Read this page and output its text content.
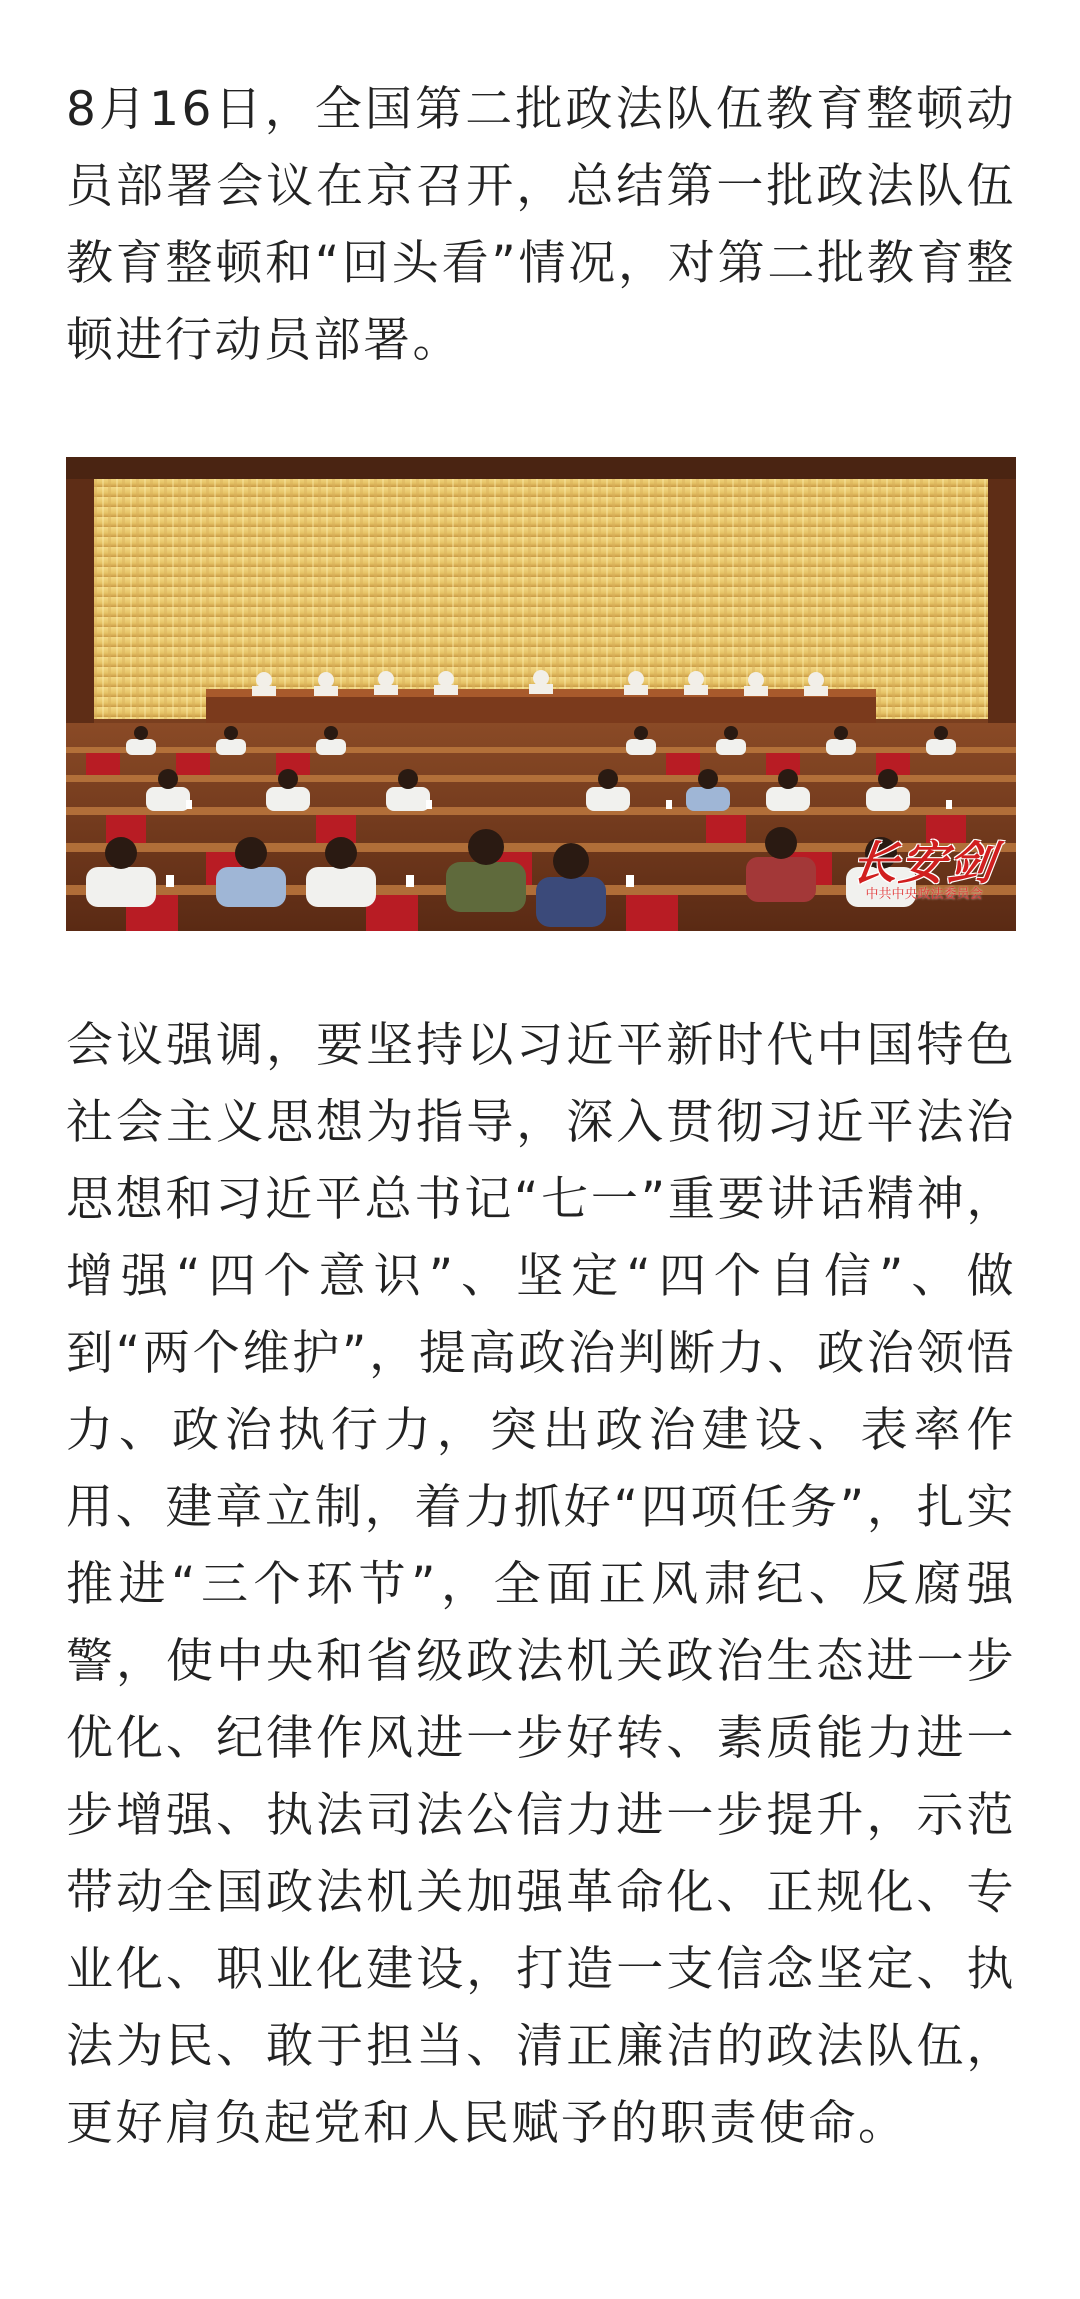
8月16日，全国第二批政法队伍教育整顿动员部署会议在京召开，总结第一批政法队伍教育整顿和“回头看”情况，对第二批教育整顿进行动员部署。

会议强调，要坚持以习近平新时代中国特色社会主义思想为指导，深入贯彻习近平法治思想和习近平总书记“七一”重要讲话精神，增强“四个意识”、坚定“四个自信”、做到“两个维护”，提高政治判断力、政治领悟力、政治执行力，突出政治建设、表率作用、建章立制，着力抓好“四项任务”，扎实推进“三个环节”，全面正风肃纪、反腐强警，使中央和省级政法机关政治生态进一步优化、纪律作风进一步好转、素质能力进一步增强、执法司法公信力进一步提升，示范带动全国政法机关加强革命化、正规化、专业化、职业化建设，打造一支信念坚定、执法为民、敢于担当、清正廉洁的政法队伍，更好肩负起党和人民赋予的职责使命。

长安剑
中共中央政法委员会
